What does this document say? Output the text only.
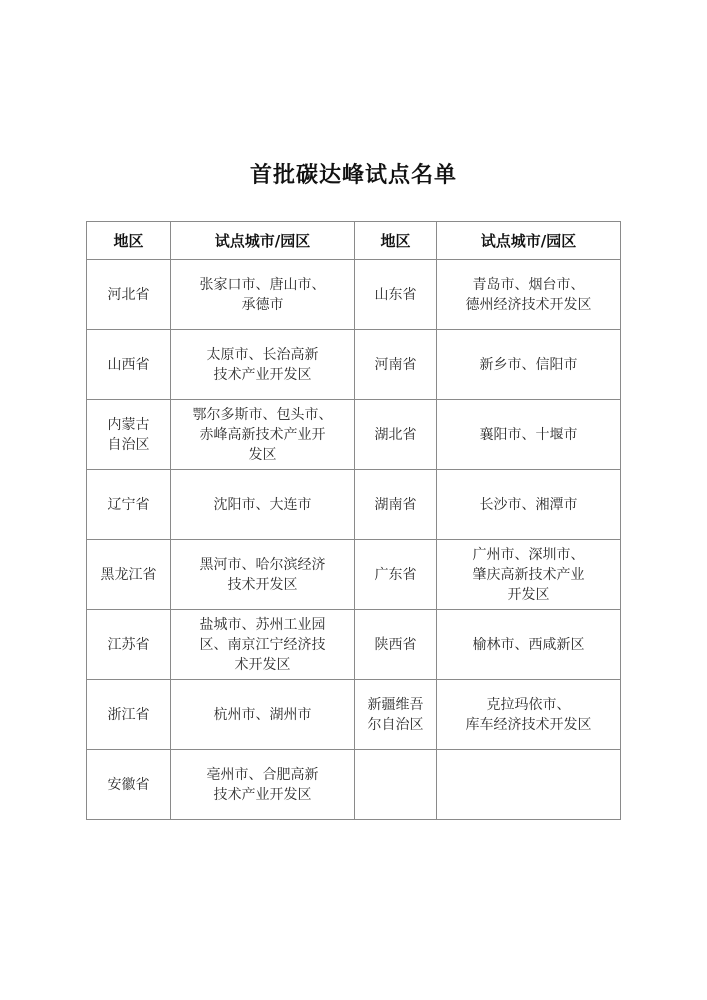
首批碳达峰试点名单
地区	试点城市/园区	地区	试点城市/园区
河北省	张家口市、唐山市、
承德市	山东省	青岛市、烟台市、
德州经济技术开发区
山西省	太原市、长治高新
技术产业开发区	河南省	新乡市、信阳市
内蒙古
自治区	鄂尔多斯市、包头市、
赤峰高新技术产业开
发区	湖北省	襄阳市、十堰市
辽宁省	沈阳市、大连市	湖南省	长沙市、湘潭市
黑龙江省	黑河市、哈尔滨经济
技术开发区	广东省	广州市、深圳市、
肇庆高新技术产业
开发区
江苏省	盐城市、苏州工业园
区、南京江宁经济技
术开发区	陕西省	榆林市、西咸新区
浙江省	杭州市、湖州市	新疆维吾
尔自治区	克拉玛依市、
库车经济技术开发区
安徽省	亳州市、合肥高新
技术产业开发区		
